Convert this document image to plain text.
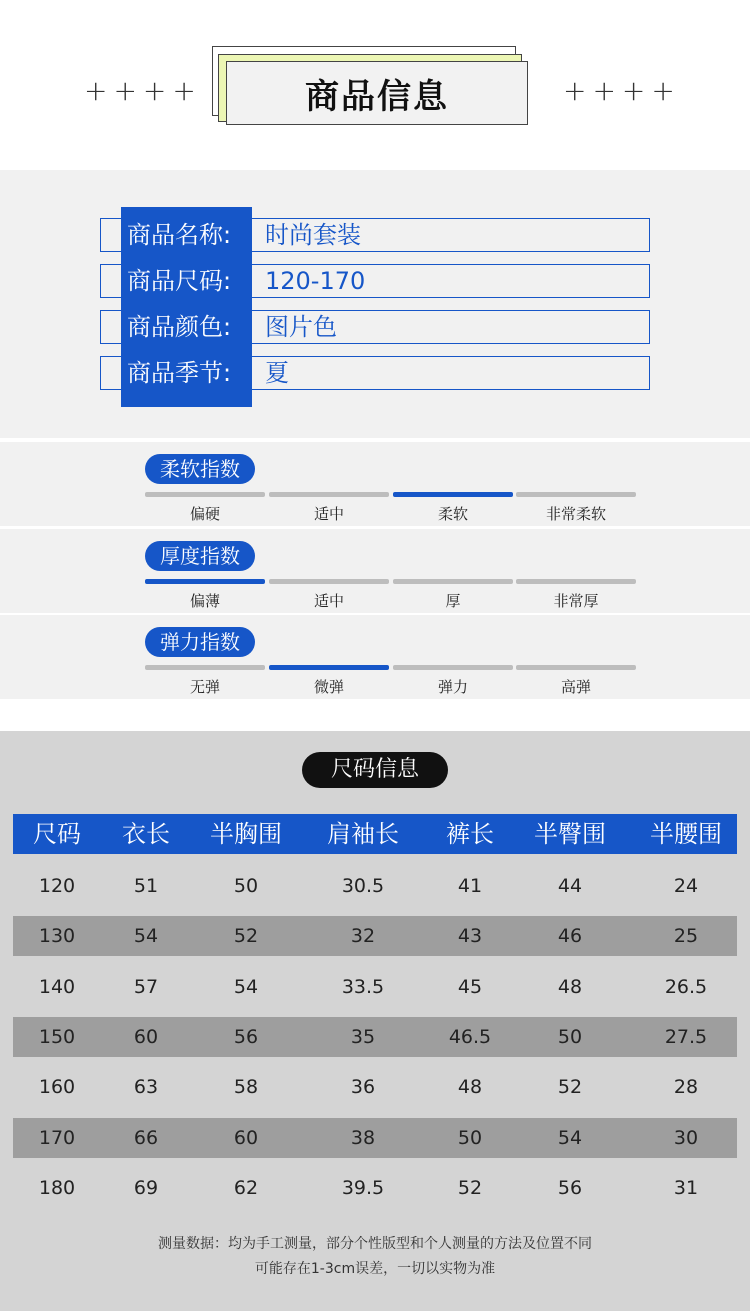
++++	商品信息	++++
商品名称: 时尚套装
商品尺码: 120-170
商品颜色: 图片色
商品季节: 夏
柔软指数
偏硬	适中	柔软	非常柔软
厚度指数
偏薄	适中	厚	非常厚
弹力指数
无弹	微弹	弹力	高弹
尺码信息
尺码 衣长 半胸围 肩袖长 裤长 半臀围 半腰围
120	51	50	30.5	41	44	24
130	54	52	32	43	46	25
140	57	54	33.5	45	48	26.5
150	60	56	35	46.5	50	27.5
160	63	58	36	48	52	28
170	66	60	38	50	54	30
180	69	62	39.5	52	56	31
测量数据：均为手工测量，部分个性版型和个人测量的方法及位置不同
可能存在1-3cm误差，一切以实物为准
